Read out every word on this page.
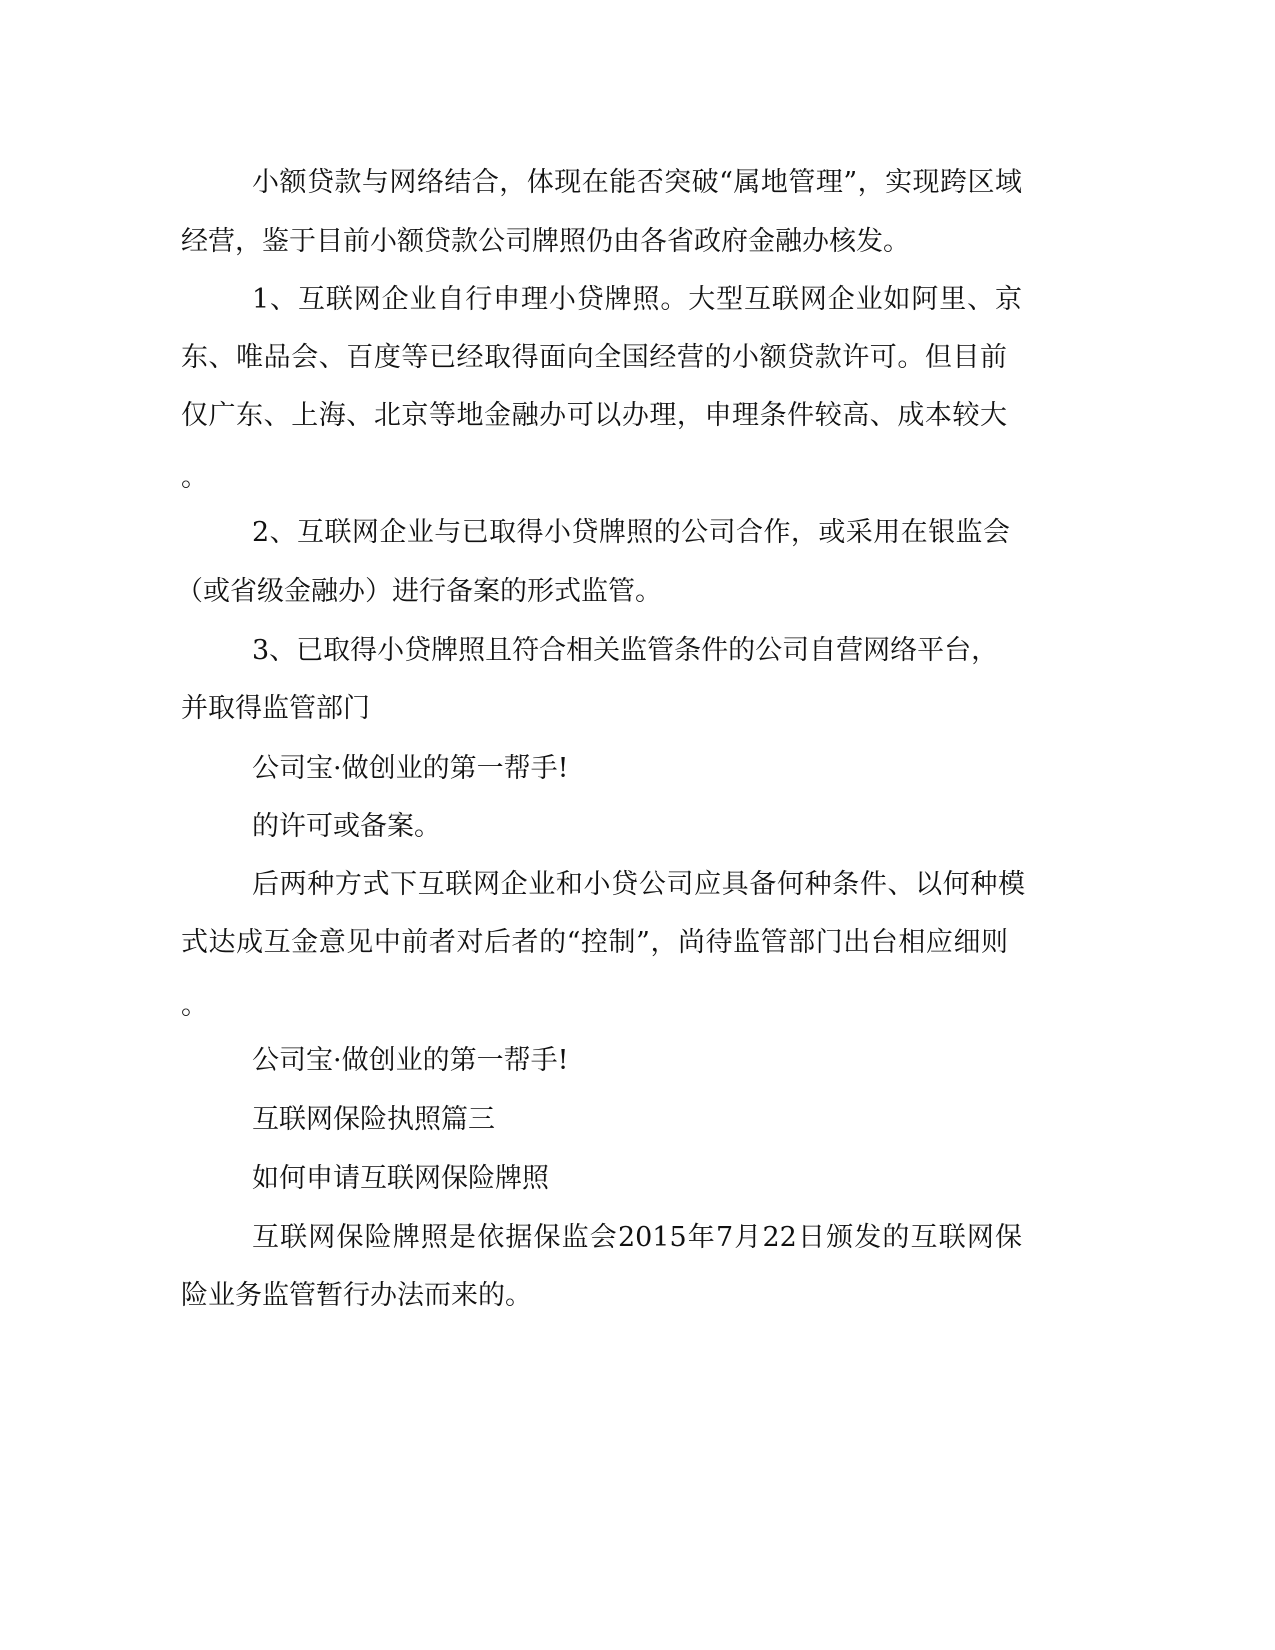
小额贷款与网络结合，体现在能否突破“属地管理”，实现跨区域

经营，鉴于目前小额贷款公司牌照仍由各省政府金融办核发。

1、互联网企业自行申理小贷牌照。大型互联网企业如阿里、京

东、唯品会、百度等已经取得面向全国经营的小额贷款许可。但目前

仅广东、上海、北京等地金融办可以办理，申理条件较高、成本较大

。

2、互联网企业与已取得小贷牌照的公司合作，或采用在银监会

（或省级金融办）进行备案的形式监管。

3、已取得小贷牌照且符合相关监管条件的公司自营网络平台，

并取得监管部门

公司宝·做创业的第一帮手!

的许可或备案。

后两种方式下互联网企业和小贷公司应具备何种条件、以何种模

式达成互金意见中前者对后者的“控制”，尚待监管部门出台相应细则

。

公司宝·做创业的第一帮手!

互联网保险执照篇三

如何申请互联网保险牌照

互联网保险牌照是依据保监会2015年7月22日颁发的互联网保

险业务监管暂行办法而来的。
